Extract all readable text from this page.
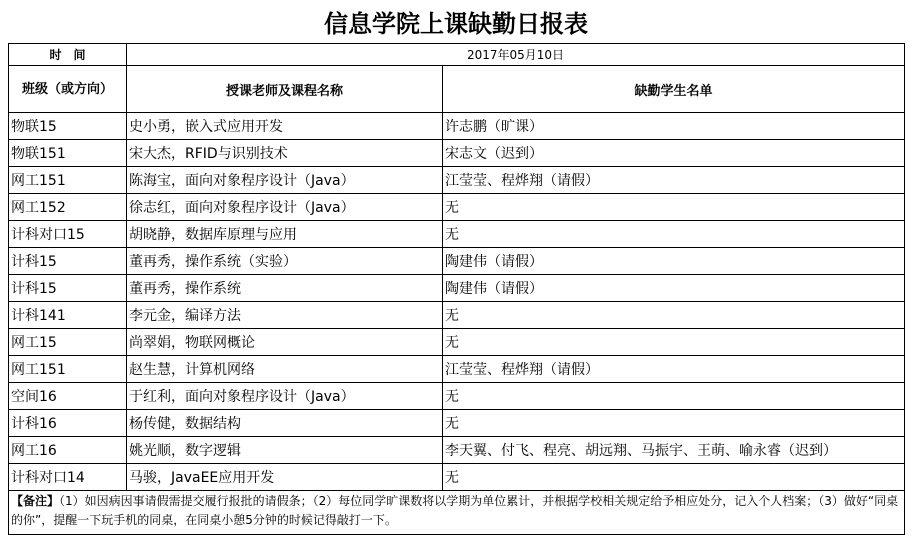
信息学院上课缺勤日报表
时　间	2017年05月10日	
班级（或方向）	授课老师及课程名称	缺勤学生名单
物联15	史小勇，嵌入式应用开发	许志鹏（旷课）
物联151	宋大杰，RFID与识别技术	宋志文（迟到）
网工151	陈海宝，面向对象程序设计（Java）	江莹莹、程烨翔（请假）
网工152	徐志红，面向对象程序设计（Java）	无
计科对口15	胡晓静，数据库原理与应用	无
计科15	董再秀，操作系统（实验）	陶建伟（请假）
计科15	董再秀，操作系统	陶建伟（请假）
计科141	李元金，编译方法	无
网工15	尚翠娟，物联网概论	无
网工151	赵生慧，计算机网络	江莹莹、程烨翔（请假）
空间16	于红利，面向对象程序设计（Java）	无
计科16	杨传健，数据结构	无
网工16	姚光顺，数字逻辑	李天翼、付飞、程亮、胡远翔、马振宇、王萌、喻永睿（迟到）
计科对口14	马骏，JavaEE应用开发	无
【备注】（1）如因病因事请假需提交履行报批的请假条；（2）每位同学旷课数将以学期为单位累计，并根据学校相关规定给予相应处分，记入个人档案；（3）做好“同桌的你”，提醒一下玩手机的同桌，在同桌小憩5分钟的时候记得敲打一下。		
